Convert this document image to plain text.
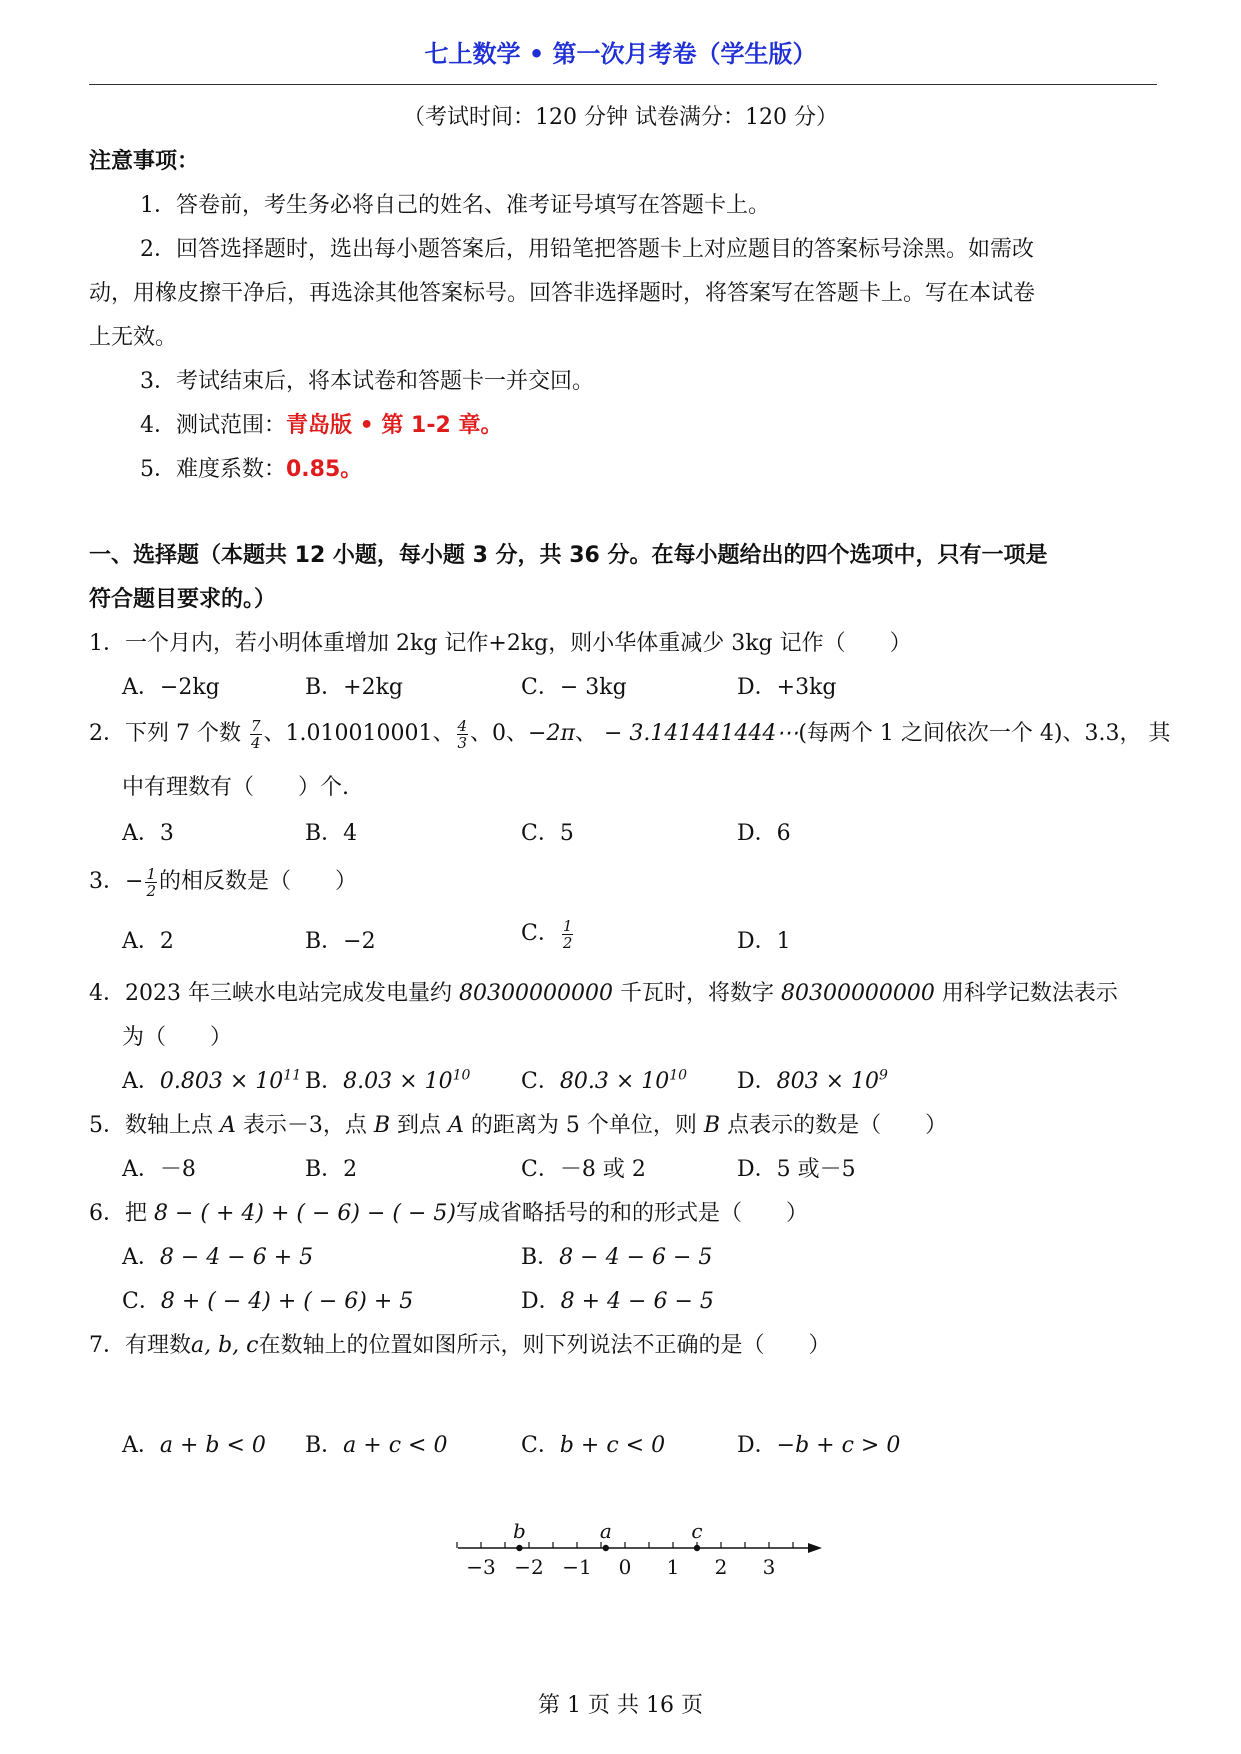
七上数学 • 第一次月考卷（学生版）
（考试时间：120 分钟 试卷满分：120 分）
注意事项：
1．答卷前，考生务必将自己的姓名、准考证号填写在答题卡上。
2．回答选择题时，选出每小题答案后，用铅笔把答题卡上对应题目的答案标号涂黑。如需改
动，用橡皮擦干净后，再选涂其他答案标号。回答非选择题时，将答案写在答题卡上。写在本试卷
上无效。
3．考试结束后，将本试卷和答题卡一并交回。
4．测试范围：青岛版 • 第 1-2 章。
5．难度系数：0.85。
一、选择题（本题共 12 小题，每小题 3 分，共 36 分。在每小题给出的四个选项中，只有一项是
符合题目要求的。）
1．一个月内，若小明体重增加 2kg 记作+2kg，则小华体重减少 3kg 记作（　　）
A．−2kg	B．+2kg	C．− 3kg	D．+3kg
2．下列 7 个数 $\frac{7}{4}$ 、1.010010001、 $\frac{4}{3}$ 、0、−2π、 − 3.141441444⋯(每两个 1 之间依次一个 4)、3.3， 其
中有理数有（　　）个.
A．3	B．4	C．5	D．6
3．− $\frac{1}{2}$ 的相反数是（　　）
A．2	B．−2	C． $\frac{1}{2}$	D．1
4．2023 年三峡水电站完成发电量约 80300000000 千瓦时，将数字 80300000000 用科学记数法表示
为（　　）
A．$0.803 \times 10^{11}$ B．$8.03 \times 10^{10}$ C．$80.3 \times 10^{10}$ D．$803 \times 10^9$
5．数轴上点 A 表示－3，点 B 到点 A 的距离为 5 个单位，则 B 点表示的数是（　　）
A．－8	B．2	C．－8 或 2	D．5 或－5
6．把 8 − ( + 4) + ( − 6) − ( − 5)写成省略括号的和的形式是（　　）
A．8 − 4 − 6 + 5	B．8 − 4 − 6 − 5
C．8 + ( − 4) + ( − 6) + 5	D．8 + 4 − 6 − 5
7．有理数a, b, c在数轴上的位置如图所示，则下列说法不正确的是（　　）
A．a + b < 0 B．a + c < 0	C．b + c < 0	D．−b + c > 0
−3 −2 −1 0 1 2 3
b	a	c
第 1 页 共 16 页
